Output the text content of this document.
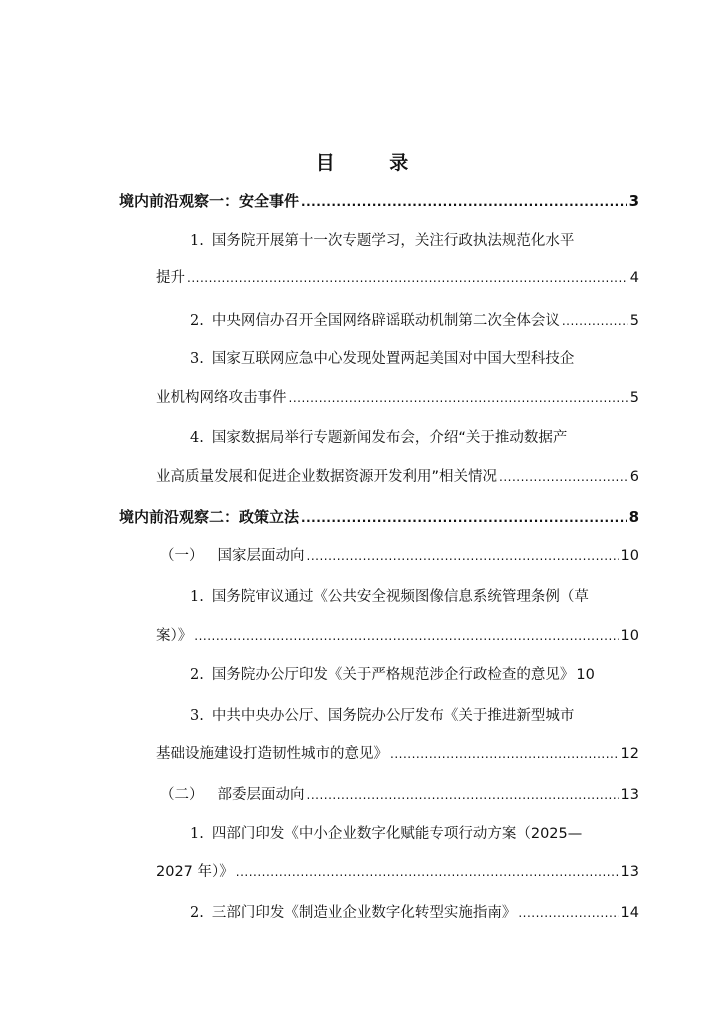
目 录
境内前沿观察一：安全事件 .....	3
1. 国务院开展第十一次专题学习，关注行政执法规范化水平
提升 .....	4
2. 中央网信办召开全国网络辟谣联动机制第二次全体会议 .....	5
3. 国家互联网应急中心发现处置两起美国对中国大型科技企
业机构网络攻击事件 .....	5
4. 国家数据局举行专题新闻发布会，介绍“关于推动数据产
业高质量发展和促进企业数据资源开发利用”相关情况 .....	6
境内前沿观察二：政策立法 .....	8
（一） 国家层面动向 .....	10
1. 国务院审议通过《公共安全视频图像信息系统管理条例（草
案）》 .....	10
2. 国务院办公厅印发《关于严格规范涉企行政检查的意见》 10
3. 中共中央办公厅、国务院办公厅发布《关于推进新型城市
基础设施建设打造韧性城市的意见》 .....	12
（二） 部委层面动向 .....	13
1. 四部门印发《中小企业数字化赋能专项行动方案（2025—
2027 年）》 .....	13
2. 三部门印发《制造业企业数字化转型实施指南》 .....	14
